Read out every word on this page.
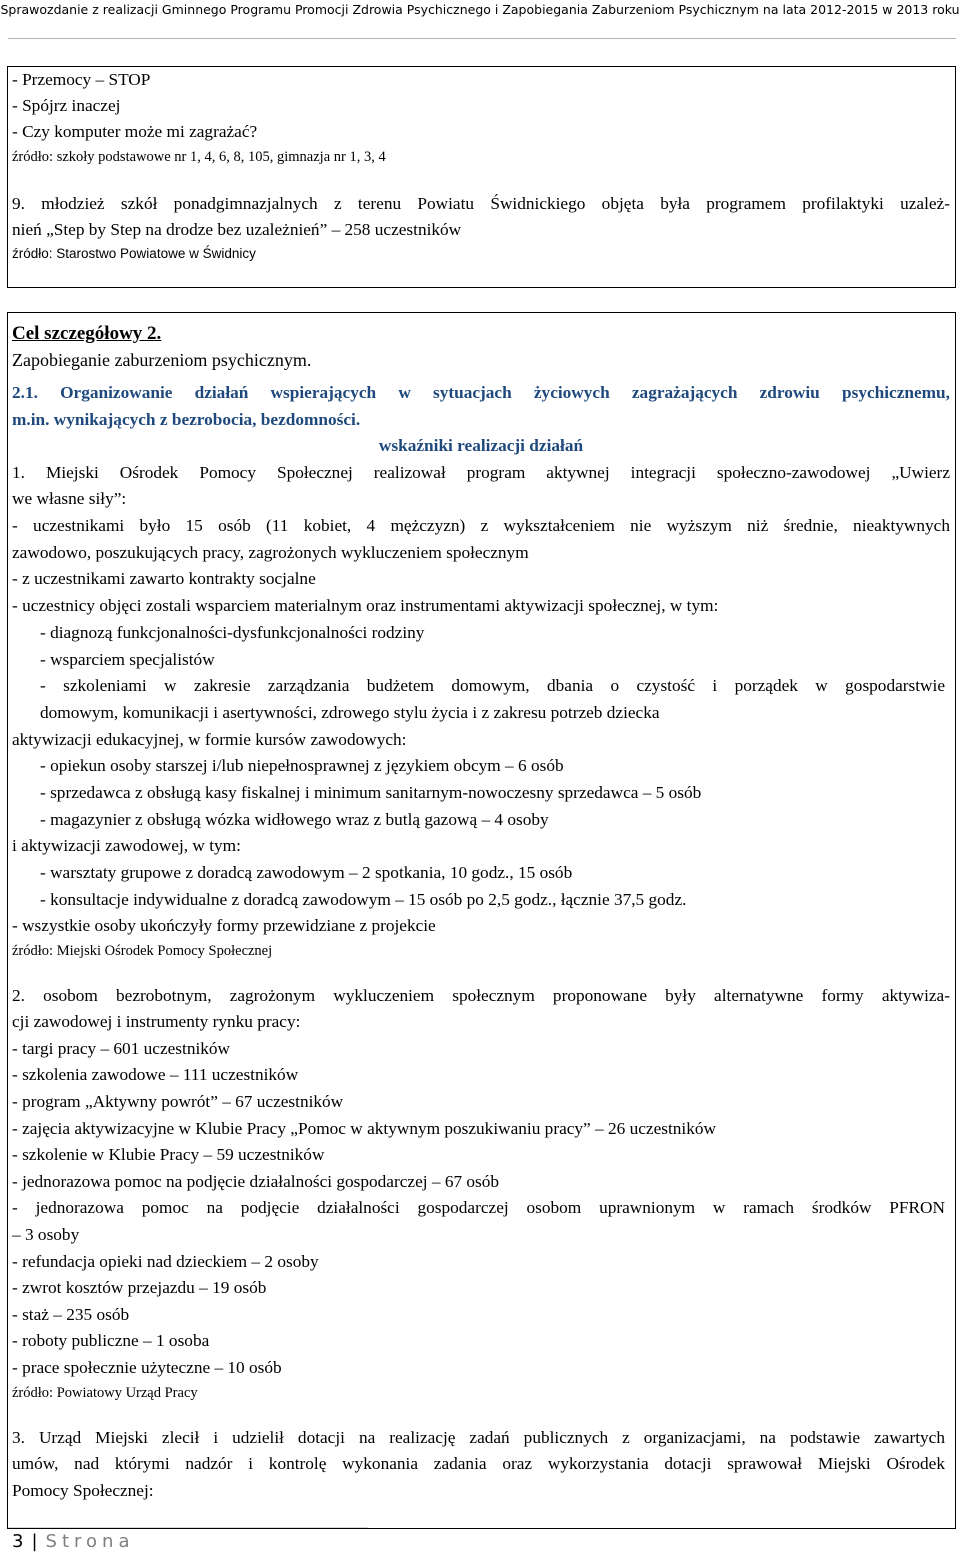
Sprawozdanie z realizacji Gminnego Programu Promocji Zdrowia Psychicznego i Zapobiegania Zaburzeniom Psychicznym na lata 2012-2015 w 2013 roku
- Przemocy – STOP
- Spójrz inaczej
- Czy komputer może mi zagrażać?
źródło: szkoły podstawowe nr 1, 4, 6, 8, 105, gimnazja nr 1, 3, 4
9. młodzież szkół ponadgimnazjalnych z terenu Powiatu Świdnickiego objęta była programem profilaktyki uzależ-
nień „Step by Step na drodze bez uzależnień” – 258 uczestników
źródło: Starostwo Powiatowe w Świdnicy
Cel szczegółowy 2.
Zapobieganie zaburzeniom psychicznym.
2.1. Organizowanie działań wspierających w sytuacjach życiowych zagrażających zdrowiu psychicznemu,
m.in. wynikających z bezrobocia, bezdomności.
wskaźniki realizacji działań
1. Miejski Ośrodek Pomocy Społecznej realizował program aktywnej integracji społeczno-zawodowej „Uwierz
we własne siły”:
- uczestnikami było 15 osób (11 kobiet, 4 mężczyzn) z wykształceniem nie wyższym niż średnie, nieaktywnych
zawodowo, poszukujących pracy, zagrożonych wykluczeniem społecznym
- z uczestnikami zawarto kontrakty socjalne
- uczestnicy objęci zostali wsparciem materialnym oraz instrumentami aktywizacji społecznej, w tym:
- diagnozą funkcjonalności-dysfunkcjonalności rodziny
- wsparciem specjalistów
- szkoleniami w zakresie zarządzania budżetem domowym, dbania o czystość i porządek w gospodarstwie
domowym, komunikacji i asertywności, zdrowego stylu życia i z zakresu potrzeb dziecka
aktywizacji edukacyjnej, w formie kursów zawodowych:
- opiekun osoby starszej i/lub niepełnosprawnej z językiem obcym – 6 osób
- sprzedawca z obsługą kasy fiskalnej i minimum sanitarnym-nowoczesny sprzedawca – 5 osób
- magazynier z obsługą wózka widłowego wraz z butlą gazową – 4 osoby
i aktywizacji zawodowej, w tym:
- warsztaty grupowe z doradcą zawodowym – 2 spotkania, 10 godz., 15 osób
- konsultacje indywidualne z doradcą zawodowym – 15 osób po 2,5 godz., łącznie 37,5 godz.
- wszystkie osoby ukończyły formy przewidziane z projekcie
źródło: Miejski Ośrodek Pomocy Społecznej
2. osobom bezrobotnym, zagrożonym wykluczeniem społecznym proponowane były alternatywne formy aktywiza-
cji zawodowej i instrumenty rynku pracy:
- targi pracy – 601 uczestników
- szkolenia zawodowe – 111 uczestników
- program „Aktywny powrót” – 67 uczestników
- zajęcia aktywizacyjne w Klubie Pracy „Pomoc w aktywnym poszukiwaniu pracy” – 26 uczestników
- szkolenie w Klubie Pracy – 59 uczestników
- jednorazowa pomoc na podjęcie działalności gospodarczej – 67 osób
- jednorazowa pomoc na podjęcie działalności gospodarczej osobom uprawnionym w ramach środków PFRON
– 3 osoby
- refundacja opieki nad dzieckiem – 2 osoby
- zwrot kosztów przejazdu – 19 osób
- staż – 235 osób
- roboty publiczne – 1 osoba
- prace społecznie użyteczne – 10 osób
źródło: Powiatowy Urząd Pracy
3. Urząd Miejski zlecił i udzielił dotacji na realizację zadań publicznych z organizacjami, na podstawie zawartych
umów, nad którymi nadzór i kontrolę wykonania zadania oraz wykorzystania dotacji sprawował Miejski Ośrodek
Pomocy Społecznej:
3 | Strona
